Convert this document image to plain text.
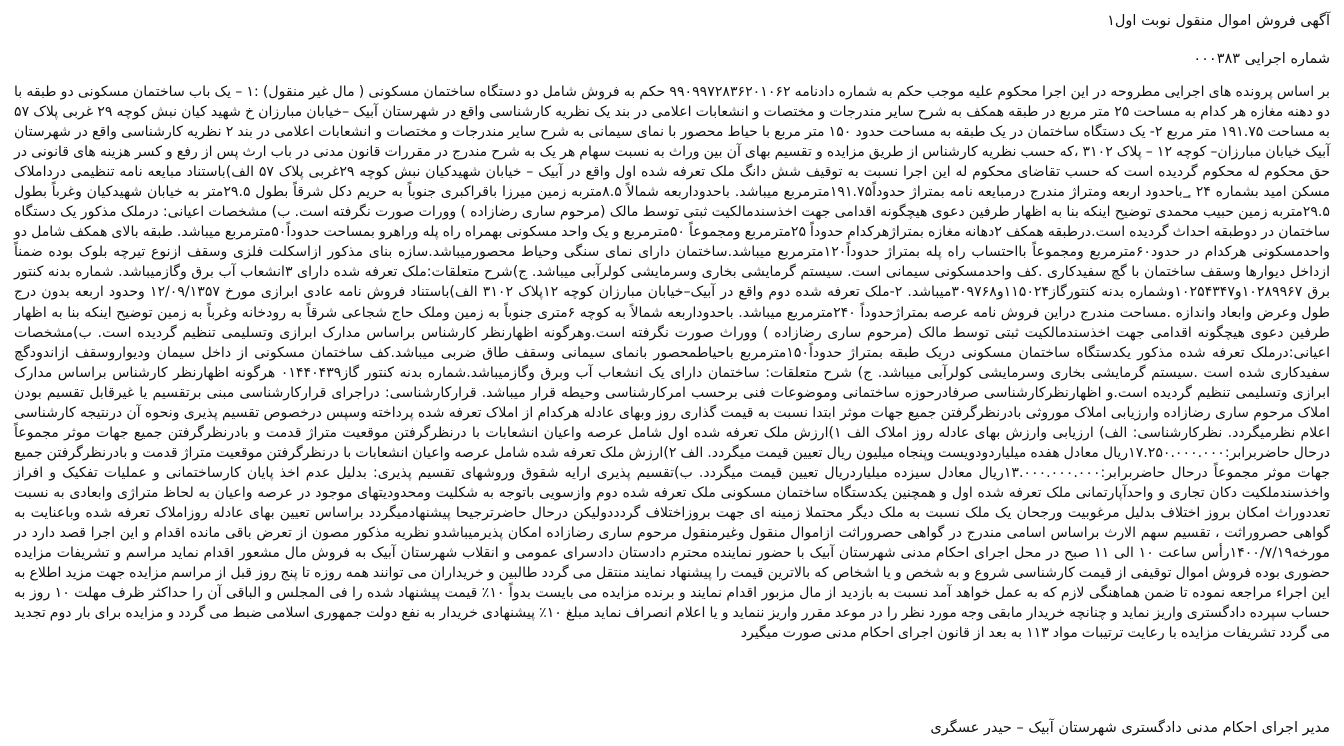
آگهی فروش اموال منقول نوبت اول۱
شماره اجرایی ۰۰۰۳۸۳

بر اساس پرونده های اجرایی مطروحه در این اجرا محکوم علیه موجب حکم به شماره دادنامه ۹۹۰۹۹۷۲۸۳۶۲۰۱۰۶۲ حکم به فروش شامل دو دستگاه ساختمان مسکونی ( مال غیر منقول) :۱ – یک باب ساختمان مسکونی دو طبقه با دو دهنه مغازه هر کدام به مساحت ۲۵ متر مربع در طبقه همکف به شرح سایر مندرجات و مختصات و انشعابات اعلامی در بند یک نظریه کارشناسی واقع در شهرستان آبیک –خیابان مبارزان خ شهید کیان نبش کوچه ۲۹ غربی پلاک ۵۷ به مساحت ۱۹۱.۷۵ متر مربع ۲- یک دستگاه ساختمان در یک طبقه به مساحت حدود ۱۵۰ متر مربع با حیاط محصور با نمای سیمانی به شرح سایر مندرجات و مختصات و انشعابات اعلامی در بند ۲ نظریه کارشناسی واقع در شهرستان آبیک خیابان مبارزان– کوچه ۱۲ – پلاک ۳۱۰۲ ،که حسب نظریه کارشناس از طریق مزایده و تقسیم بهای آن بین وراث به نسبت سهام هر یک به شرح مندرج در مقررات قانون مدنی در باب ارث پس از رفع و کسر هزینه های قانونی در حق محکوم له محکوم گردیده است که حسب تقاضای محکوم له این اجرا نسبت به توقیف شش دانگ ملک تعرفه شده اول واقع در آبیک – خیابان شهیدکیان نبش کوچه ۲۹غربی پلاک ۵۷ الف)باستناد مبایعه نامه تنظیمی درداملاک مسکن امید بشماره ۲۴ ؀باحدود اربعه ومتراژ مندرج درمبایعه نامه بمتراژ حدوداً۱۹۱.۷۵مترمربع میباشد. باحدوداربعه شمالاً ۸.۵متربه زمین میرزا باقراکبری جنوباً به حریم دکل شرقاً بطول ۲۹.۵متر به خیابان شهیدکیان وغرباً بطول ۲۹.۵متربه زمین حبیب محمدی توضیح اینکه بنا به اظهار طرفین دعوی هیچگونه اقدامی جهت اخذسندمالکیت ثبتی توسط مالک (مرحوم ساری رضازاده ) وورات صورت نگرفته است. ب) مشخصات اعیانی: درملک مذکور یک دستگاه ساختمان در دوطبقه احداث گردیده است.درطبقه همکف ۲دهانه مغازه بمتراژهرکدام حدوداً ۲۵مترمربع ومجموعاً ۵۰مترمربع و یک واحد مسکونی بهمراه راه پله وراهرو بمساحت حدوداً۵۰مترمربع میباشد. طبقه بالای همکف شامل دو واحدمسکونی هرکدام در حدود۶۰مترمربع ومجموعاً بااحتساب راه پله بمتراژ حدوداً۱۲۰مترمربع میباشد.ساختمان دارای نمای سنگی وحیاط محصورمیباشد.سازه بنای مذکور ازاسکلت فلزی وسقف ازنوع تیرچه بلوک بوده ضمناً ازداخل دیوارها وسقف ساختمان با گچ سفیدکاری .کف واحدمسکونی سیمانی است. سیستم گرمایشی بخاری وسرمایشی کولرآبی میباشد. ج)شرح متعلقات:ملک تعرفه شده دارای ۳انشعاب آب برق وگازمیباشد. شماره بدنه کنتور برق ۱۰۲۸۹۹۶۷و۱۰۲۵۴۳۴۷وشماره بدنه کنتورگاز۱۱۵۰۲۴و۳۰۹۷۶۸میباشد. ۲-ملک تعرفه شده دوم واقع در آبیک–خیابان مبارزان کوچه ۱۲پلاک ۳۱۰۲ الف)باستناد فروش نامه عادی ابرازی مورخ ۱۲/۰۹/۱۳۵۷ وحدود اربعه بدون درج طول وعرض وابعاد واندازه .مساحت مندرج دراین فروش نامه عرصه بمتراژحدوداً ۲۴۰مترمربع میباشد. باحدوداربعه شمالاً به کوچه ۶متری جنوباً به زمین وملک حاج شجاعی شرقاً به رودخانه وغرباً به زمین توضیح اینکه بنا به اظهار طرفین دعوی هیچگونه اقدامی جهت اخذسندمالکیت ثبتی توسط مالک (مرحوم ساری رضازاده ) ووراث صورت نگرفته است.وهرگونه اظهارنظر کارشناس براساس مدارک ابرازی وتسلیمی تنظیم گردیده است. ب)مشخصات اعیانی:درملک تعرفه شده مذکور یکدستگاه ساختمان مسکونی دریک طبقه بمتراژ حدوداً۱۵۰مترمربع باحیاطمحصور بانمای سیمانی وسقف طاق ضربی میباشد.کف ساختمان مسکونی از داخل سیمان ودیواروسقف ازاندودگچ سفیدکاری شده است .سیستم گرمایشی بخاری وسرمایشی کولرآبی میباشد. ج) شرح متعلقات: ساختمان دارای یک انشعاب آب وبرق وگازمیباشد.شماره بدنه کنتور گاز۰۱۴۴۰۴۳۹ هرگونه اظهارنظر کارشناس براساس مدارک ابرازی وتسلیمی تنظیم گردیده است.و اظهارنظرکارشناسی صرفادرحوزه ساختمانی وموضوعات فنی برحسب امرکارشناسی وحیطه قرار میباشد. قرارکارشناسی: دراجرای قرارکارشناسی مبنی برتقسیم یا غیرقابل تقسیم بودن املاک مرحوم ساری رضازاده وارزیابی املاک موروثی بادرنظرگرفتن جمیع جهات موثر ابتدا نسبت به قیمت گذاری روز وبهای عادله هرکدام از املاک تعرفه شده پرداخته وسپس درخصوص تقسیم پذیری ونحوه آن درنتیجه کارشناسی اعلام نظرمیگردد. نظرکارشناسی: الف) ارزیابی وارزش بهای عادله روز املاک الف ۱)ارزش ملک تعرفه شده اول شامل عرصه واعیان انشعابات با درنظرگرفتن موقعیت متراژ قدمت و بادرنظرگرفتن جمیع جهات موثر مجموعاً درحال حاضربرابر:۱۷.۲۵۰.۰۰۰.۰۰۰ریال معادل هفده میلیاردودویست وپنجاه میلیون ریال تعیین قیمت میگردد. الف ۲)ارزش ملک تعرفه شده شامل عرصه واعیان انشعابات با درنظرگرفتن موقعیت متراژ قدمت و بادرنظرگرفتن جمیع جهات موثر مجموعاً درحال حاضربرابر:۱۳.۰۰۰.۰۰۰.۰۰۰ریال معادل سیزده میلیاردریال تعیین قیمت میگردد. ب)تقسیم پذیری ارایه شقوق وروشهای تقسیم پذیری: بدلیل عدم اخذ پایان کارساختمانی و عملیات تفکیک و افراز واخذسندملکیت دکان تجاری و واحدآپارتمانی ملک تعرفه شده اول و همچنین یکدستگاه ساختمان مسکونی ملک تعرفه شده دوم وازسویی باتوجه به شکلیت ومحدودیتهای موجود در عرصه واعیان به لحاظ متراژی وابعادی به نسبت تعددوراث امکان بروز اختلاف بدلیل مرغوبیت ورجحان یک ملک نسبت به ملک دیگر محتملا زمینه ای جهت بروزاختلاف گردددولیکن درحال حاضرترجیحا پیشنهادمیگردد براساس تعیین بهای عادله روزاملاک تعرفه شده وباعنایت به گواهی حصروراثت ، تقسیم سهم الارث براساس اسامی مندرج در گواهی حصروراثت ازاموال منقول وغیرمنقول مرحوم ساری رضازاده امکان پذیرمیباشدو نظریه مذکور مصون از تعرض باقی مانده اقدام و این اجرا قصد دارد در مورخه۱۴۰۰/۷/۱۹رأس ساعت ۱۰ الی ۱۱ صبح در محل اجرای احکام مدنی شهرستان آبیک با حضور نماینده محترم دادستان دادسرای عمومی و انقلاب شهرستان آبیک به فروش مال مشعور اقدام نماید مراسم و تشریفات مزایده حضوری بوده فروش اموال توقیفی از قیمت کارشناسی شروع و به شخص و یا اشخاص که بالاترین قیمت را پیشنهاد نمایند منتقل می گردد طالبین و خریداران می توانند همه روزه تا پنج روز قبل از مراسم مزایده جهت مزید اطلاع به این اجراء مراجعه نموده تا ضمن هماهنگی لازم که به عمل خواهد آمد نسبت به بازدید از مال مزبور اقدام نمایند و برنده مزایده می بایست بدواً ۱۰٪ قیمت پیشنهاد شده را فی المجلس و الباقی آن را حداکثر ظرف مهلت ۱۰ روز به حساب سپرده دادگستری واریز نماید و چنانچه خریدار مابقی وجه مورد نظر را در موعد مقرر واریز ننماید و یا اعلام انصراف نماید مبلغ ۱۰٪ پیشنهادی خریدار به نفع دولت جمهوری اسلامی ضبط می گردد و مزایده برای بار دوم تجدید می گردد تشریفات مزایده با رعایت ترتیبات مواد ۱۱۳ به بعد از قانون اجرای احکام مدنی صورت میگیرد

مدیر اجرای احکام مدنی دادگستری شهرستان آبیک – حیدر عسگری
